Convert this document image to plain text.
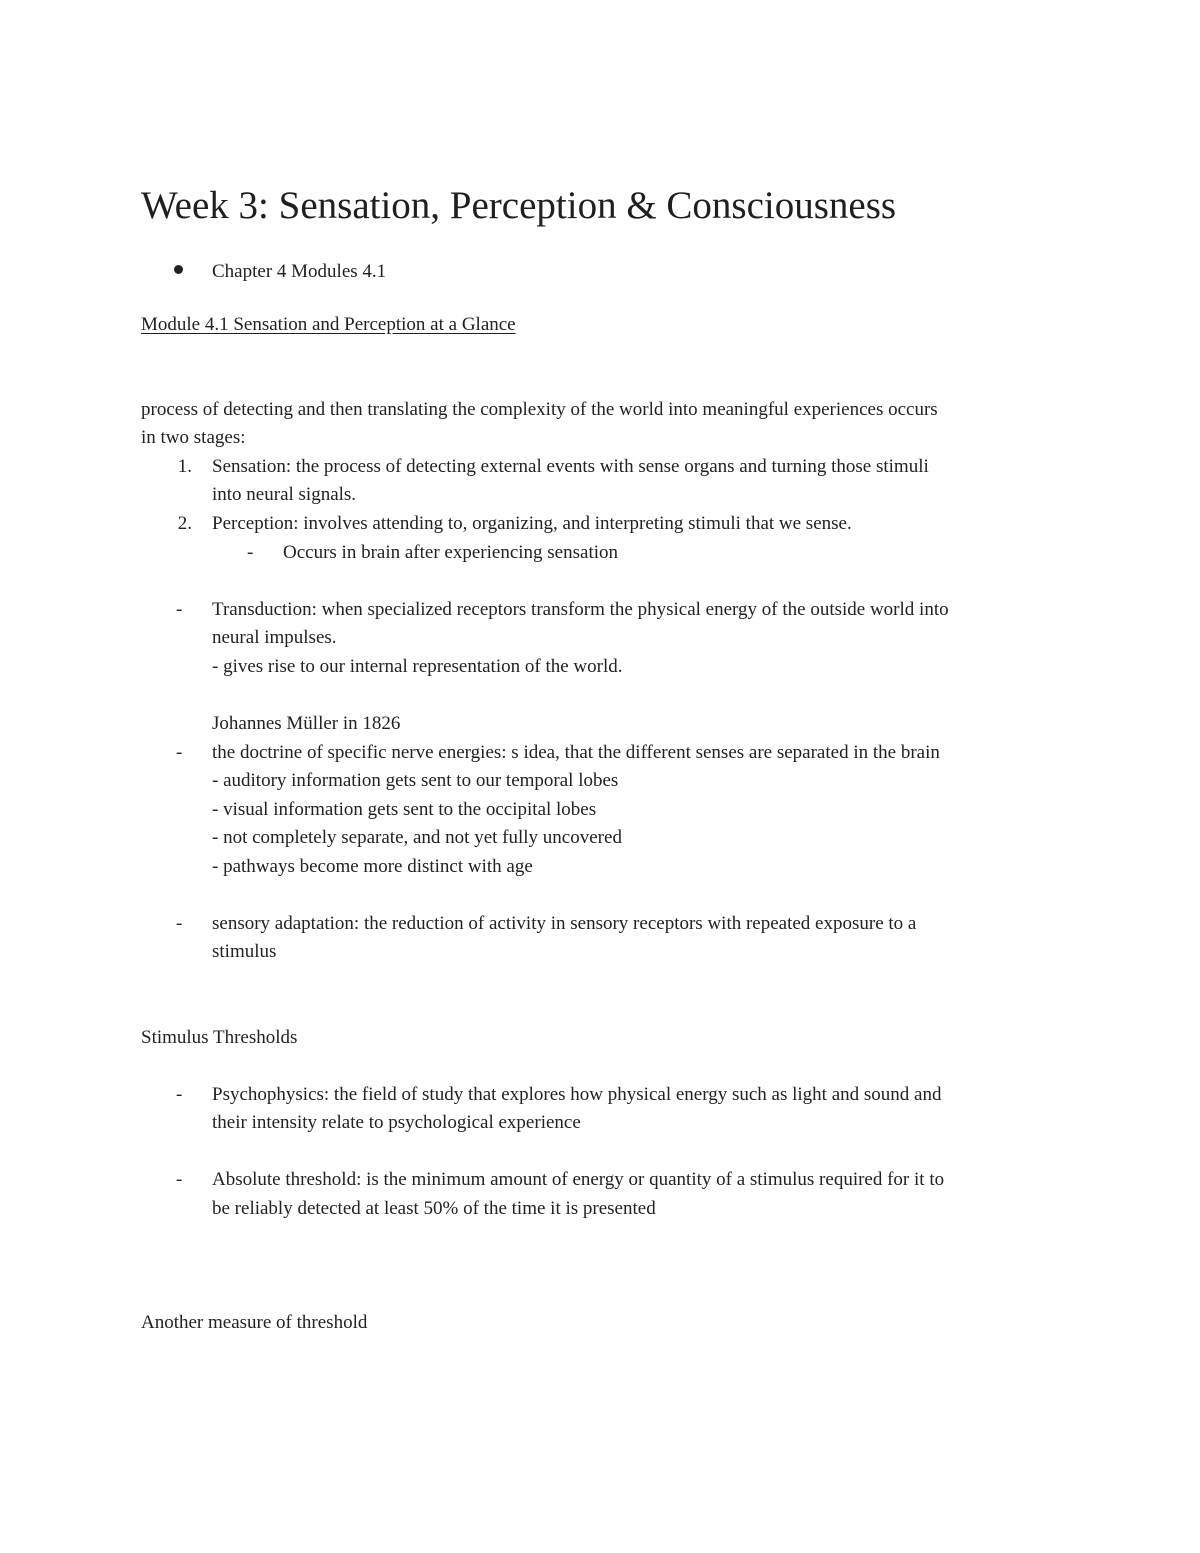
Week 3: Sensation, Perception & Consciousness
Chapter 4 Modules 4.1
Module 4.1 Sensation and Perception at a Glance
process of detecting and then translating the complexity of the world into meaningful experiences occurs
in two stages:
1. Sensation: the process of detecting external events with sense organs and turning those stimuli
into neural signals.
2. Perception: involves attending to, organizing, and interpreting stimuli that we sense.
- Occurs in brain after experiencing sensation
- Transduction: when specialized receptors transform the physical energy of the outside world into
neural impulses.
- gives rise to our internal representation of the world.
Johannes Müller in 1826
- the doctrine of specific nerve energies: s idea, that the different senses are separated in the brain
- auditory information gets sent to our temporal lobes
- visual information gets sent to the occipital lobes
- not completely separate, and not yet fully uncovered
- pathways become more distinct with age
- sensory adaptation: the reduction of activity in sensory receptors with repeated exposure to a
stimulus
Stimulus Thresholds
- Psychophysics: the field of study that explores how physical energy such as light and sound and
their intensity relate to psychological experience
- Absolute threshold: is the minimum amount of energy or quantity of a stimulus required for it to
be reliably detected at least 50% of the time it is presented
Another measure of threshold
